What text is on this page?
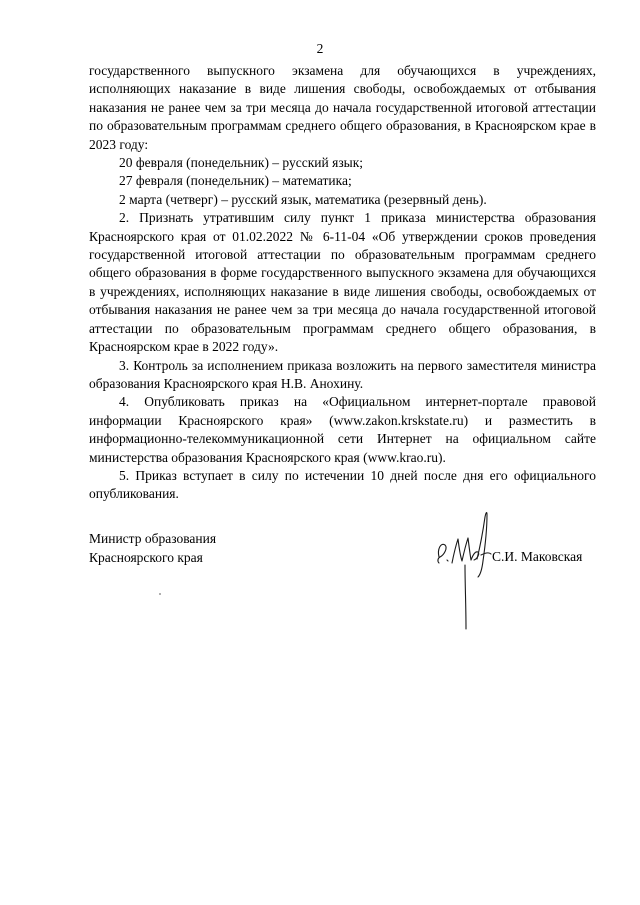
2

государственного выпускного экзамена для обучающихся в учреждениях, исполняющих наказание в виде лишения свободы, освобождаемых от отбывания наказания не ранее чем за три месяца до начала государственной итоговой аттестации по образовательным программам среднего общего образования, в Красноярском крае в 2023 году:

20 февраля (понедельник) – русский язык;

27 февраля (понедельник) – математика;

2 марта (четверг) – русский язык, математика (резервный день).

2. Признать утратившим силу пункт 1 приказа министерства образования Красноярского края от 01.02.2022 № 6-11-04 «Об утверждении сроков проведения государственной итоговой аттестации по образовательным программам среднего общего образования в форме государственного выпускного экзамена для обучающихся в учреждениях, исполняющих наказание в виде лишения свободы, освобождаемых от отбывания наказания не ранее чем за три месяца до начала государственной итоговой аттестации по образовательным программам среднего общего образования, в Красноярском крае в 2022 году».

3. Контроль за исполнением приказа возложить на первого заместителя министра образования Красноярского края Н.В. Анохину.

4. Опубликовать приказ на «Официальном интернет-портале правовой информации Красноярского края» (www.zakon.krskstate.ru) и разместить в информационно-телекоммуникационной сети Интернет на официальном сайте министерства образования Красноярского края (www.krao.ru).

5. Приказ вступает в силу по истечении 10 дней после дня его официального опубликования.

Министр образования
Красноярского края	С.И. Маковская
